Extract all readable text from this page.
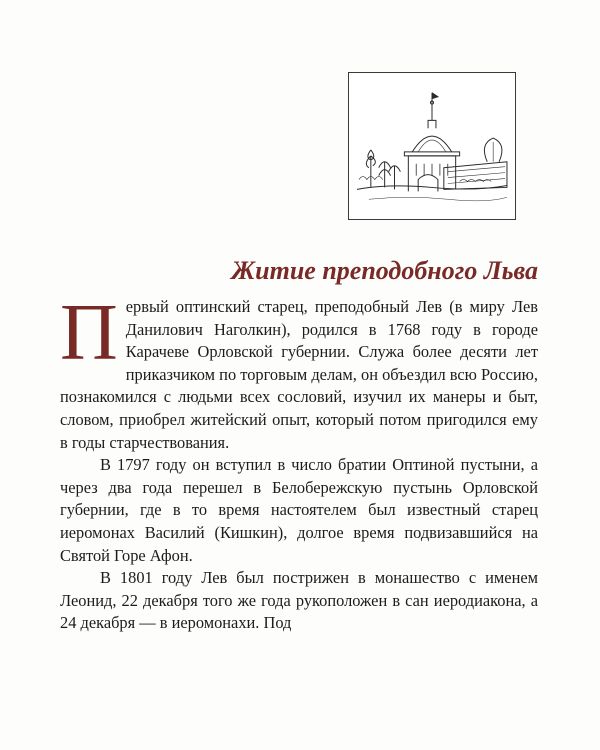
Житие преподобного Льва

Первый оптинский старец, преподобный Лев (в миру Лев Данилович Наголкин), родился в 1768 году в городе Карачеве Орловской губернии. Служа более десяти лет приказчиком по торговым делам, он объездил всю Россию, познакомился с людьми всех сословий, изучил их манеры и быт, словом, приобрел житейский опыт, который потом пригодился ему в годы старчествования.

В 1797 году он вступил в число братии Оптиной пустыни, а через два года перешел в Белобережскую пустынь Орловской губернии, где в то время настоятелем был известный старец иеромонах Василий (Кишкин), долгое время подвизавшийся на Святой Горе Афон.

В 1801 году Лев был пострижен в монашество с именем Леонид, 22 декабря того же года рукоположен в сан иеродиакона, а 24 декабря — в иеромонахи. Под
